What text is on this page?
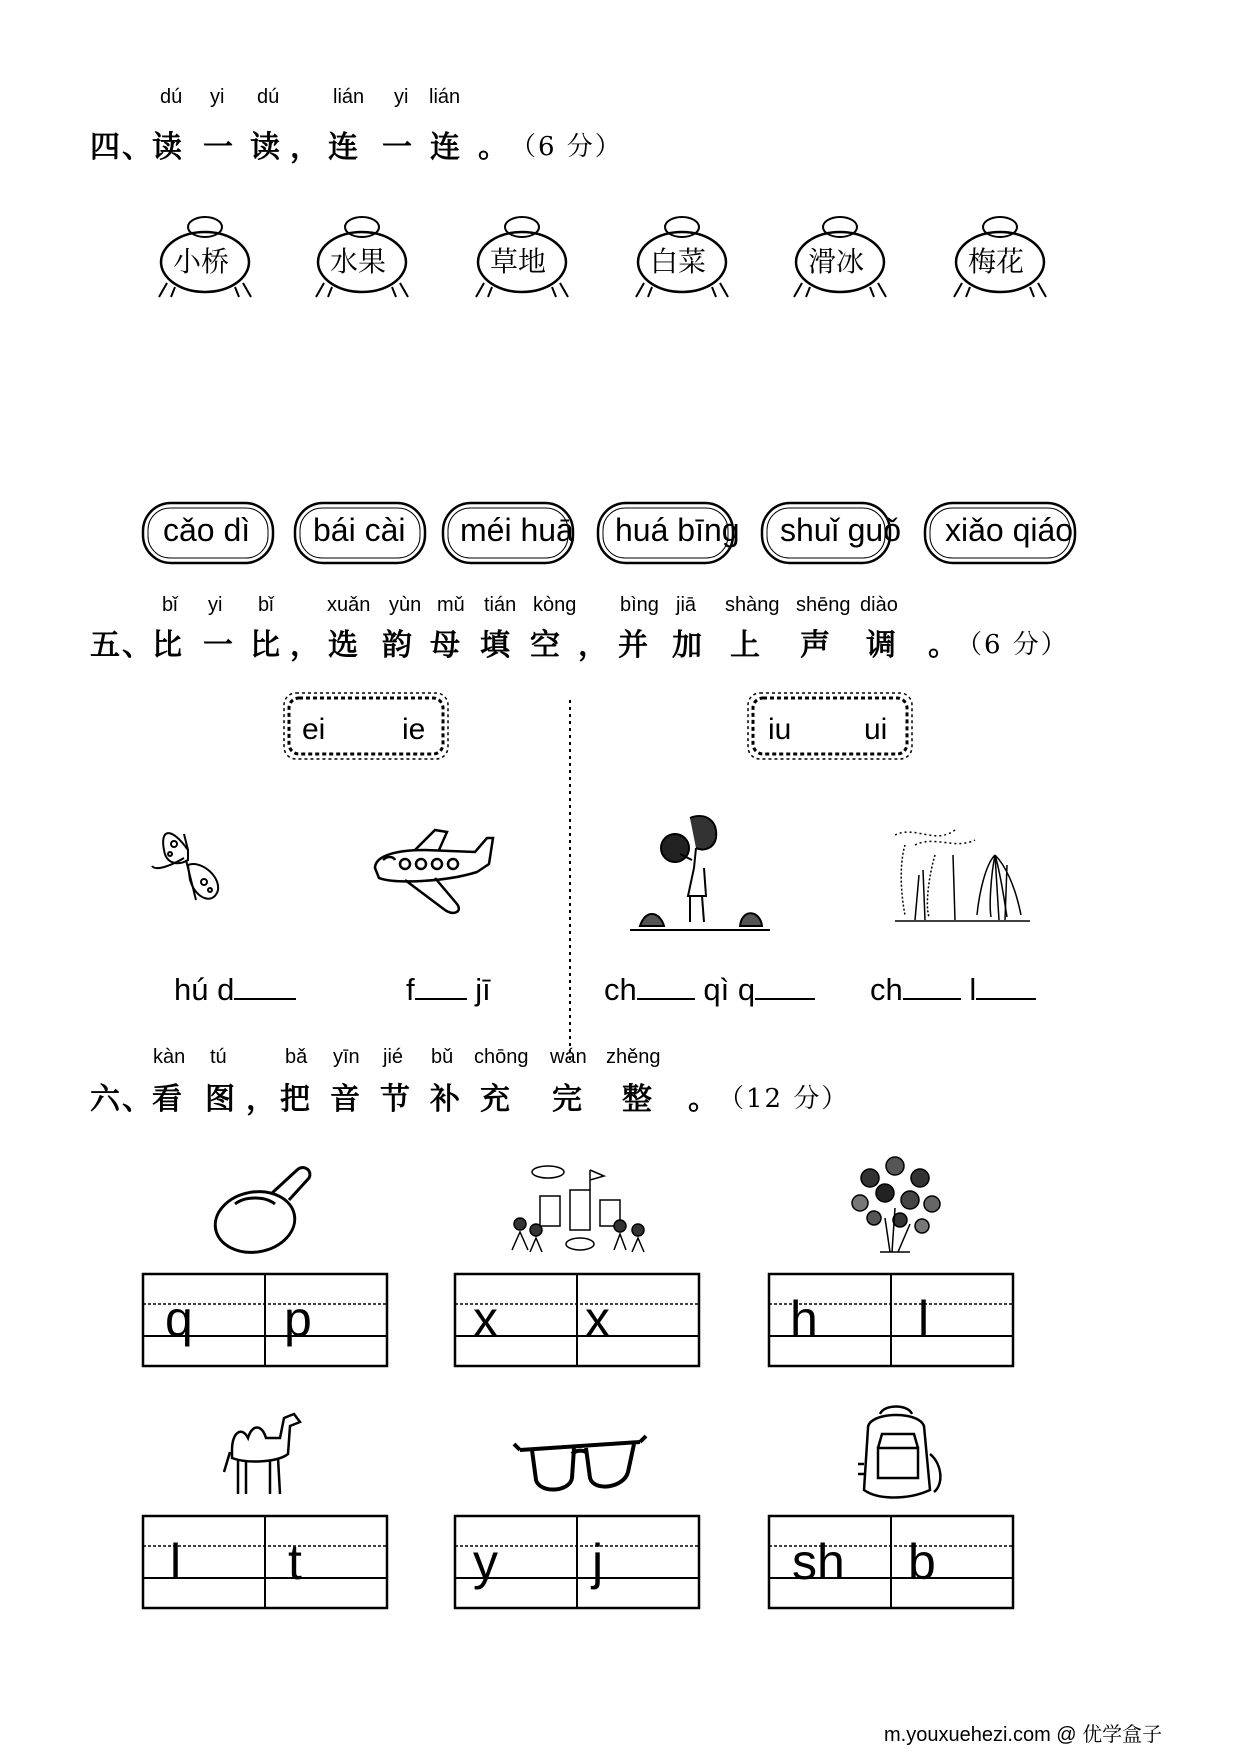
dú yi dú	lián yi lián
四、
读 一 读 ， 连 一 连 。 （6 分）
小桥	水果	草地	白菜	滑冰	梅花
cǎo dì bái cài méi huā huá bīng shuǐ guǒ xiǎo qiáo
bǐ yi bǐ	xuǎn yùn mǔ tián kòng bìng jiā shàng shēng diào
五、
比 一 比 ， 选 韵 母 填 空 ， 并 加 上 声 调 。
（6 分）
ei	ie	iu ui
hú d	f jī	ch qì q	ch l
kàn tú	bǎ yīn jié bǔ chōng wán zhěng
六、
看 图 ， 把 音 节 补 充 完 整 。
（12 分）
q p	x x	h l
l t	y j	sh b
m.youxuehezi.com @ 优学盒子
